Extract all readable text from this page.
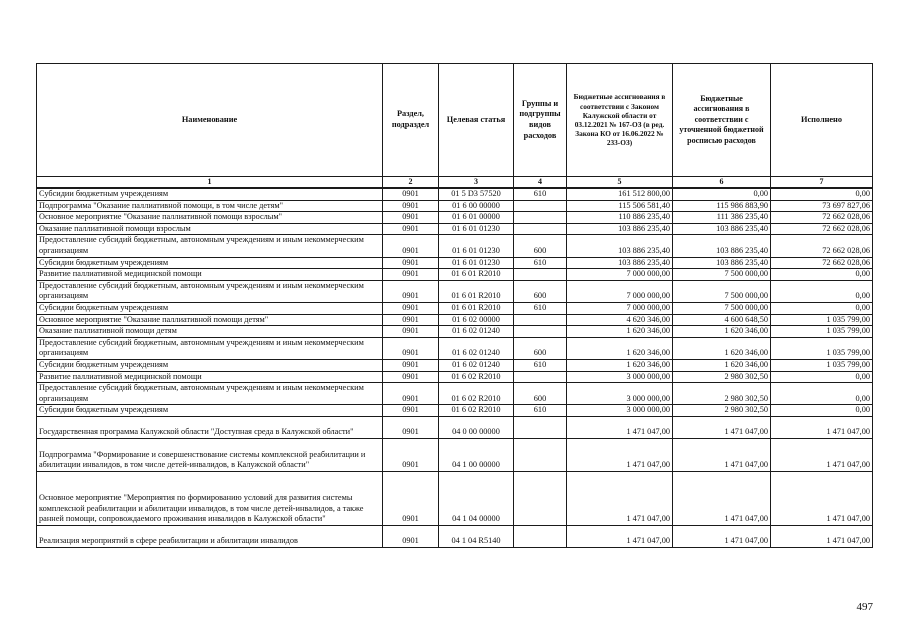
Наименование	Раздел, подраздел	Целевая статья	Группы и подгруппы видов расходов	Бюджетные ассигнования в соответствии с Законом Калужской области от 03.12.2021 № 167-ОЗ (в ред. Закона КО от 16.06.2022 № 233-ОЗ)	Бюджетные ассигнования в соответствии с уточненной бюджетной росписью расходов	Исполнено
1	2	3	4	5	6	7
Субсидии бюджетным учреждениям	0901	01 5 D3 57520	610	161 512 800,00	0,00	0,00
Подпрограмма "Оказание паллиативной помощи, в том числе детям"	0901	01 6 00 00000		115 506 581,40	115 986 883,90	73 697 827,06
Основное мероприятие "Оказание паллиативной помощи взрослым"	0901	01 6 01 00000		110 886 235,40	111 386 235,40	72 662 028,06
Оказание паллиативной помощи взрослым	0901	01 6 01 01230		103 886 235,40	103 886 235,40	72 662 028,06
Предоставление субсидий бюджетным, автономным учреждениям и иным некоммерческим организациям	0901	01 6 01 01230	600	103 886 235,40	103 886 235,40	72 662 028,06
Субсидии бюджетным учреждениям	0901	01 6 01 01230	610	103 886 235,40	103 886 235,40	72 662 028,06
Развитие паллиативной медицинской помощи	0901	01 6 01 R2010		7 000 000,00	7 500 000,00	0,00
Предоставление субсидий бюджетным, автономным учреждениям и иным некоммерческим организациям	0901	01 6 01 R2010	600	7 000 000,00	7 500 000,00	0,00
Субсидии бюджетным учреждениям	0901	01 6 01 R2010	610	7 000 000,00	7 500 000,00	0,00
Основное мероприятие "Оказание паллиативной помощи детям"	0901	01 6 02 00000		4 620 346,00	4 600 648,50	1 035 799,00
Оказание паллиативной помощи детям	0901	01 6 02 01240		1 620 346,00	1 620 346,00	1 035 799,00
Предоставление субсидий бюджетным, автономным учреждениям и иным некоммерческим организациям	0901	01 6 02 01240	600	1 620 346,00	1 620 346,00	1 035 799,00
Субсидии бюджетным учреждениям	0901	01 6 02 01240	610	1 620 346,00	1 620 346,00	1 035 799,00
Развитие паллиативной медицинской помощи	0901	01 6 02 R2010		3 000 000,00	2 980 302,50	0,00
Предоставление субсидий бюджетным, автономным учреждениям и иным некоммерческим организациям	0901	01 6 02 R2010	600	3 000 000,00	2 980 302,50	0,00
Субсидии бюджетным учреждениям	0901	01 6 02 R2010	610	3 000 000,00	2 980 302,50	0,00
Государственная программа Калужской области "Доступная среда в Калужской области"	0901	04 0 00 00000		1 471 047,00	1 471 047,00	1 471 047,00
Подпрограмма "Формирование и совершенствование системы комплексной реабилитации и абилитации инвалидов, в том числе детей-инвалидов, в Калужской области"	0901	04 1 00 00000		1 471 047,00	1 471 047,00	1 471 047,00
Основное мероприятие "Мероприятия по формированию условий для развития системы комплексной реабилитации и абилитации инвалидов, в том числе детей-инвалидов, а также ранней помощи, сопровождаемого проживания инвалидов в Калужской области"	0901	04 1 04 00000		1 471 047,00	1 471 047,00	1 471 047,00
Реализация мероприятий в сфере реабилитации и абилитации инвалидов	0901	04 1 04 R5140		1 471 047,00	1 471 047,00	1 471 047,00
497
